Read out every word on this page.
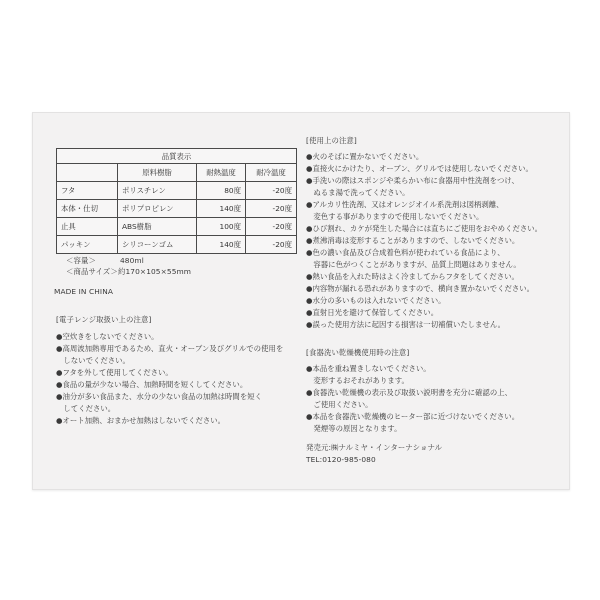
品質表示			
	原料樹脂	耐熱温度	耐冷温度
フタ	ポリスチレン	80度	-20度
本体・仕切	ポリプロピレン	140度	-20度
止具	ABS樹脂	100度	-20度
パッキン	シリコーンゴム	140度	-20度
＜容量＞	480ml
＜商品サイズ＞ 約170×105×55mm
MADE IN CHINA
[電子レンジ取扱い上の注意]
●空炊きをしないでください。
●高周波加熱専用であるため、直火・オーブン及びグリルでの使用を
　しないでください。
●フタを外して使用してください。
●食品の量が少ない場合、加熱時間を短くしてください。
●油分が多い食品また、水分の少ない食品の加熱は時間を短く
　してください。
●オート加熱、おまかせ加熱はしないでください。
[使用上の注意]
●火のそばに置かないでください。
●直接火にかけたり、オーブン、グリルでは使用しないでください。
●手洗いの際はスポンジや柔らかい布に食器用中性洗剤をつけ、
　ぬるま湯で洗ってください。
●アルカリ性洗剤、又はオレンジオイル系洗剤は図柄剥離、
　変色する事がありますので使用しないでください。
●ひび割れ、カケが発生した場合には直ちにご使用をおやめください。
●煮沸消毒は変形することがありますので、しないでください。
●色の濃い食品及び合成着色料が使われている食品により、
　容器に色がつくことがありますが、品質上問題はありません。
●熱い食品を入れた時はよく冷ましてからフタをしてください。
●内容物が漏れる恐れがありますので、横向き置かないでください。
●水分の多いものは入れないでください。
●直射日光を避けて保管してください。
●誤った使用方法に起因する損害は一切補償いたしません。
[食器洗い乾燥機使用時の注意]
●本品を重ね置きしないでください。
　変形するおそれがあります。
●食器洗い乾燥機の表示及び取扱い説明書を充分に確認の上、
　ご使用ください。
●本品を食器洗い乾燥機のヒーター部に近づけないでください。
　発煙等の原因となります。
発売元:㈱ナルミヤ・インターナショナル
TEL:0120-985-080
